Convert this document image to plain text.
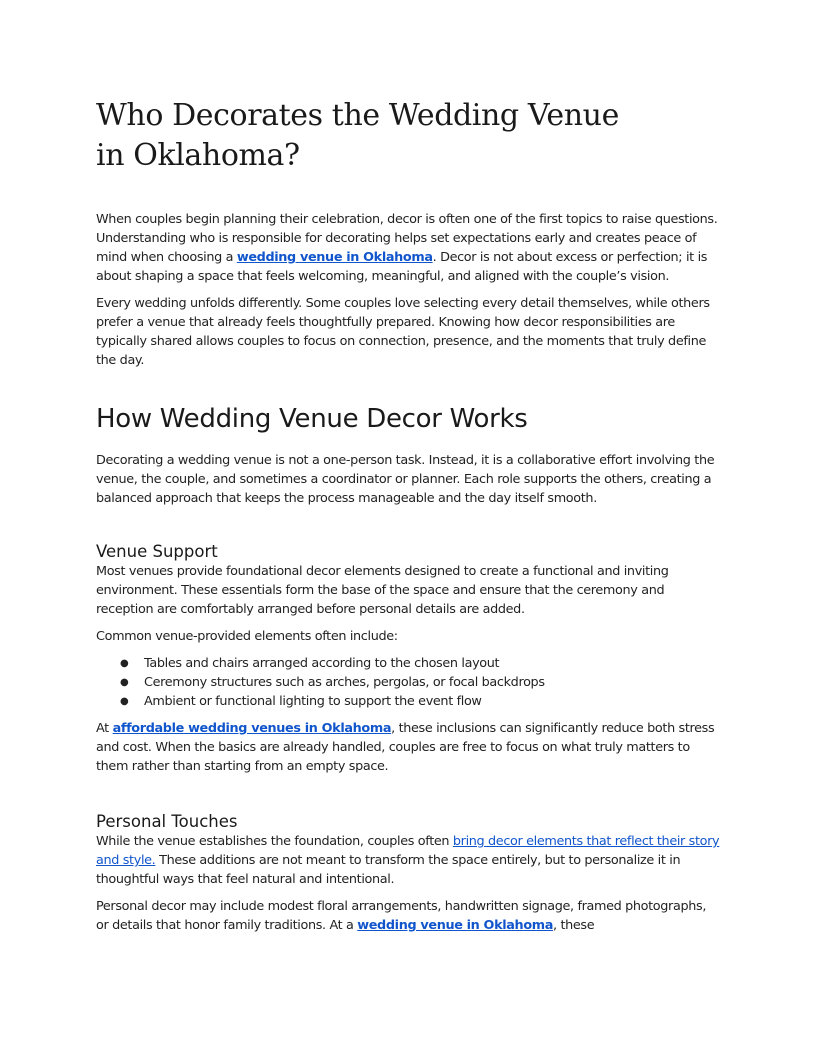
Who Decorates the Wedding Venue in Oklahoma?

When couples begin planning their celebration, decor is often one of the first topics to raise questions. Understanding who is responsible for decorating helps set expectations early and creates peace of mind when choosing a wedding venue in Oklahoma. Decor is not about excess or perfection; it is about shaping a space that feels welcoming, meaningful, and aligned with the couple’s vision.

Every wedding unfolds differently. Some couples love selecting every detail themselves, while others prefer a venue that already feels thoughtfully prepared. Knowing how decor responsibilities are typically shared allows couples to focus on connection, presence, and the moments that truly define the day.

How Wedding Venue Decor Works

Decorating a wedding venue is not a one-person task. Instead, it is a collaborative effort involving the venue, the couple, and sometimes a coordinator or planner. Each role supports the others, creating a balanced approach that keeps the process manageable and the day itself smooth.

Venue Support

Most venues provide foundational decor elements designed to create a functional and inviting environment. These essentials form the base of the space and ensure that the ceremony and reception are comfortably arranged before personal details are added.

Common venue-provided elements often include:

● Tables and chairs arranged according to the chosen layout
● Ceremony structures such as arches, pergolas, or focal backdrops
● Ambient or functional lighting to support the event flow

At affordable wedding venues in Oklahoma, these inclusions can significantly reduce both stress and cost. When the basics are already handled, couples are free to focus on what truly matters to them rather than starting from an empty space.

Personal Touches

While the venue establishes the foundation, couples often bring decor elements that reflect their story and style. These additions are not meant to transform the space entirely, but to personalize it in thoughtful ways that feel natural and intentional.

Personal decor may include modest floral arrangements, handwritten signage, framed photographs, or details that honor family traditions. At a wedding venue in Oklahoma, these
